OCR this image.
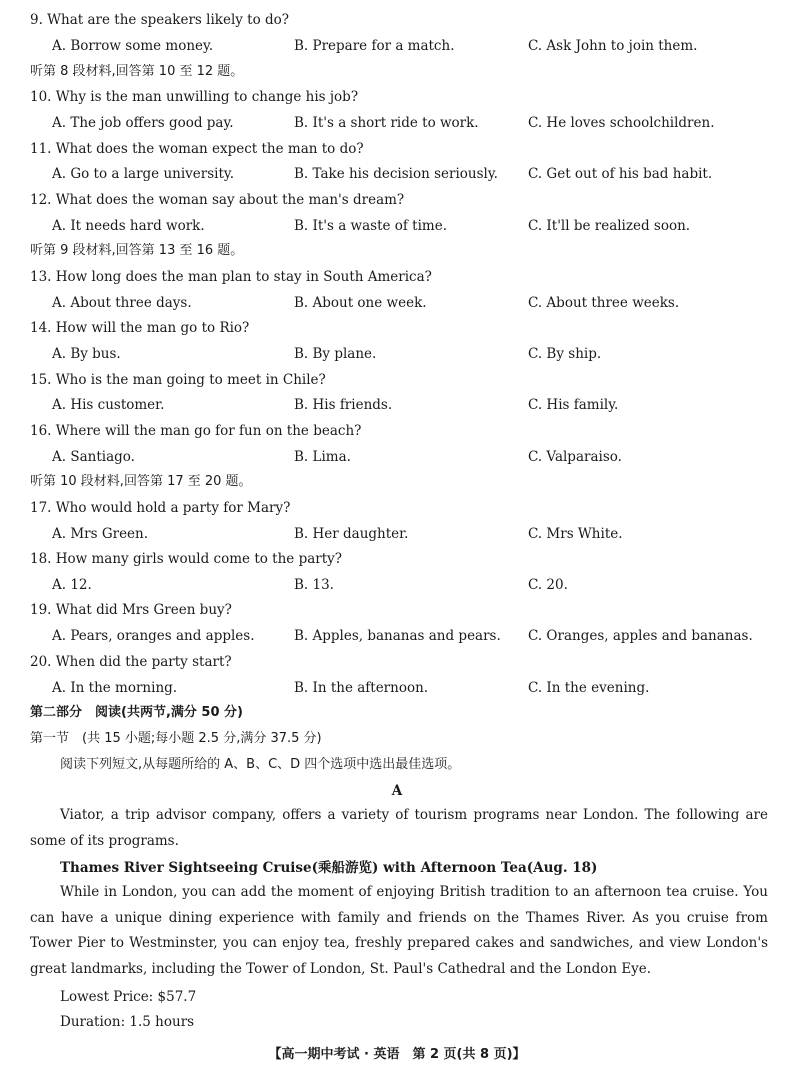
9. What are the speakers likely to do?
A. Borrow some money.	B. Prepare for a match.	C. Ask John to join them.
听第 8 段材料,回答第 10 至 12 题。
10. Why is the man unwilling to change his job?
A. The job offers good pay.	B. It's a short ride to work.	C. He loves schoolchildren.
11. What does the woman expect the man to do?
A. Go to a large university.	B. Take his decision seriously. C. Get out of his bad habit.
12. What does the woman say about the man's dream?
A. It needs hard work.	B. It's a waste of time.	C. It'll be realized soon.
听第 9 段材料,回答第 13 至 16 题。
13. How long does the man plan to stay in South America?
A. About three days.	B. About one week.	C. About three weeks.
14. How will the man go to Rio?
A. By bus.	B. By plane.	C. By ship.
15. Who is the man going to meet in Chile?
A. His customer.	B. His friends.	C. His family.
16. Where will the man go for fun on the beach?
A. Santiago.	B. Lima.	C. Valparaiso.
听第 10 段材料,回答第 17 至 20 题。
17. Who would hold a party for Mary?
A. Mrs Green.	B. Her daughter.	C. Mrs White.
18. How many girls would come to the party?
A. 12.	B. 13.	C. 20.
19. What did Mrs Green buy?
A. Pears, oranges and apples.	B. Apples, bananas and pears. C. Oranges, apples and bananas.
20. When did the party start?
A. In the morning.	B. In the afternoon.	C. In the evening.
第二部分　阅读(共两节,满分 50 分)
第一节　(共 15 小题;每小题 2.5 分,满分 37.5 分)
阅读下列短文,从每题所给的 A、B、C、D 四个选项中选出最佳选项。
A
Viator, a trip advisor company, offers a variety of tourism programs near London. The following are some of its programs.
Thames River Sightseeing Cruise(乘船游览) with Afternoon Tea(Aug. 18)
While in London, you can add the moment of enjoying British tradition to an afternoon tea cruise. You can have a unique dining experience with family and friends on the Thames River. As you cruise from Tower Pier to Westminster, you can enjoy tea, freshly prepared cakes and sandwiches, and view London's great landmarks, including the Tower of London, St. Paul's Cathedral and the London Eye.
Lowest Price: $57.7
Duration: 1.5 hours
【高一期中考试 · 英语　第 2 页(共 8 页)】
